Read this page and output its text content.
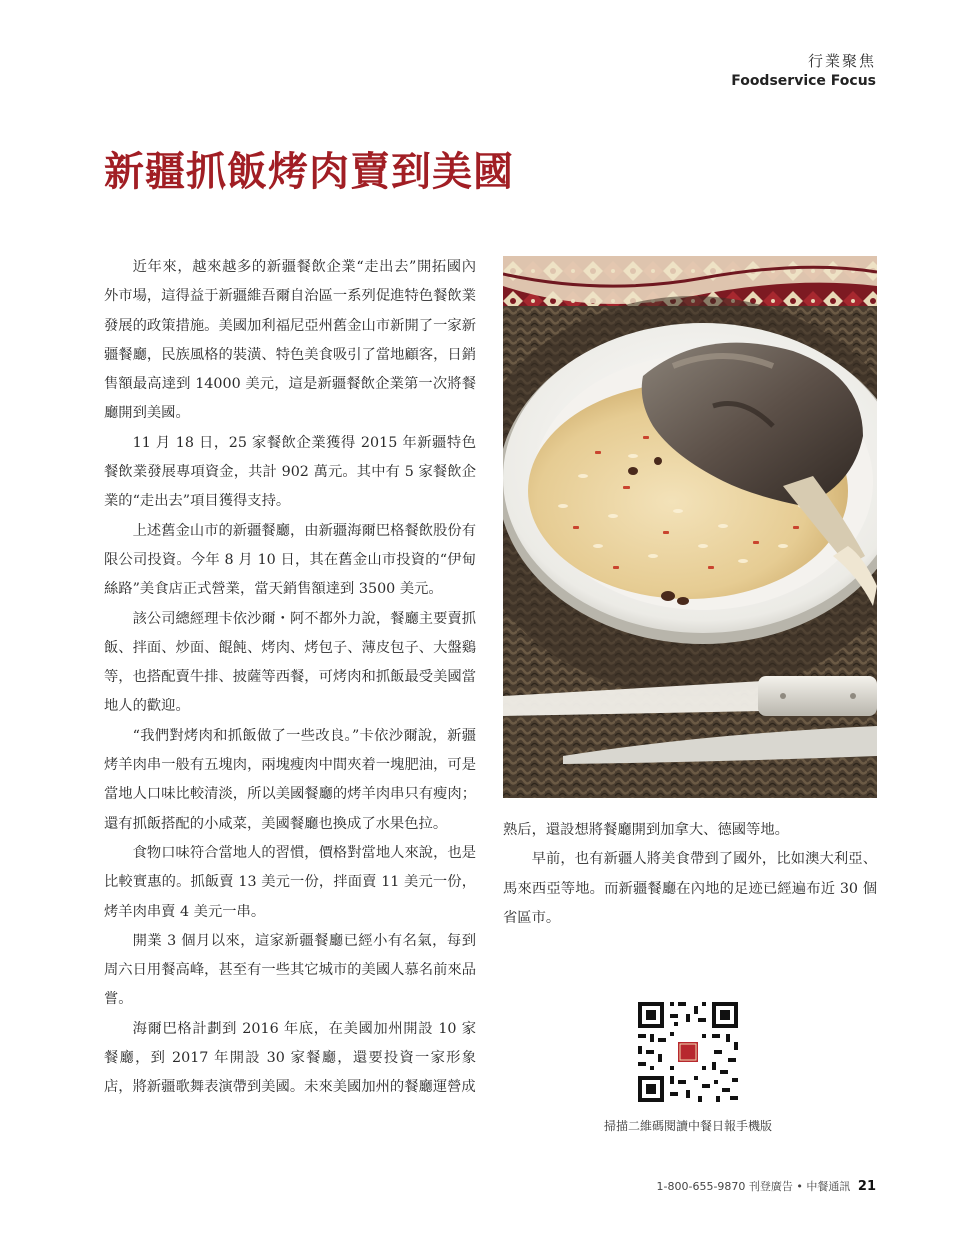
行業聚焦
Foodservice Focus
新疆抓飯烤肉賣到美國

近年來，越來越多的新疆餐飲企業“走出去”開拓國內外市場，這得益于新疆維吾爾自治區一系列促進特色餐飲業發展的政策措施。美國加利福尼亞州舊金山市新開了一家新疆餐廳，民族風格的裝潢、特色美食吸引了當地顧客，日銷售額最高達到 14000 美元，這是新疆餐飲企業第一次將餐廳開到美國。

11 月 18 日，25 家餐飲企業獲得 2015 年新疆特色餐飲業發展專項資金，共計 902 萬元。其中有 5 家餐飲企業的“走出去”項目獲得支持。

上述舊金山市的新疆餐廳，由新疆海爾巴格餐飲股份有限公司投資。今年 8 月 10 日，其在舊金山市投資的“伊甸絲路”美食店正式營業，當天銷售額達到 3500 美元。

該公司總經理卡依沙爾・阿不都外力說，餐廳主要賣抓飯、拌面、炒面、餛飩、烤肉、烤包子、薄皮包子、大盤鷄等，也搭配賣牛排、披薩等西餐，可烤肉和抓飯最受美國當地人的歡迎。

“我們對烤肉和抓飯做了一些改良。”卡依沙爾說，新疆烤羊肉串一般有五塊肉，兩塊瘦肉中間夾着一塊肥油，可是當地人口味比較清淡，所以美國餐廳的烤羊肉串只有瘦肉；還有抓飯搭配的小咸菜，美國餐廳也換成了水果色拉。

食物口味符合當地人的習慣，價格對當地人來說，也是比較實惠的。抓飯賣 13 美元一份，拌面賣 11 美元一份，烤羊肉串賣 4 美元一串。

開業 3 個月以來，這家新疆餐廳已經小有名氣，每到周六日用餐高峰，甚至有一些其它城市的美國人慕名前來品嘗。

海爾巴格計劃到 2016 年底，在美國加州開設 10 家餐廳，到 2017 年開設 30 家餐廳，還要投資一家形象店，將新疆歌舞表演帶到美國。未來美國加州的餐廳運營成

熟后，還設想將餐廳開到加拿大、德國等地。

早前，也有新疆人將美食帶到了國外，比如澳大利亞、馬來西亞等地。而新疆餐廳在內地的足迹已經遍布近 30 個省區市。

掃描二維碼閱讀中餐日報手機版
1-800-655-9870 刊登廣告 • 中餐通訊 21
